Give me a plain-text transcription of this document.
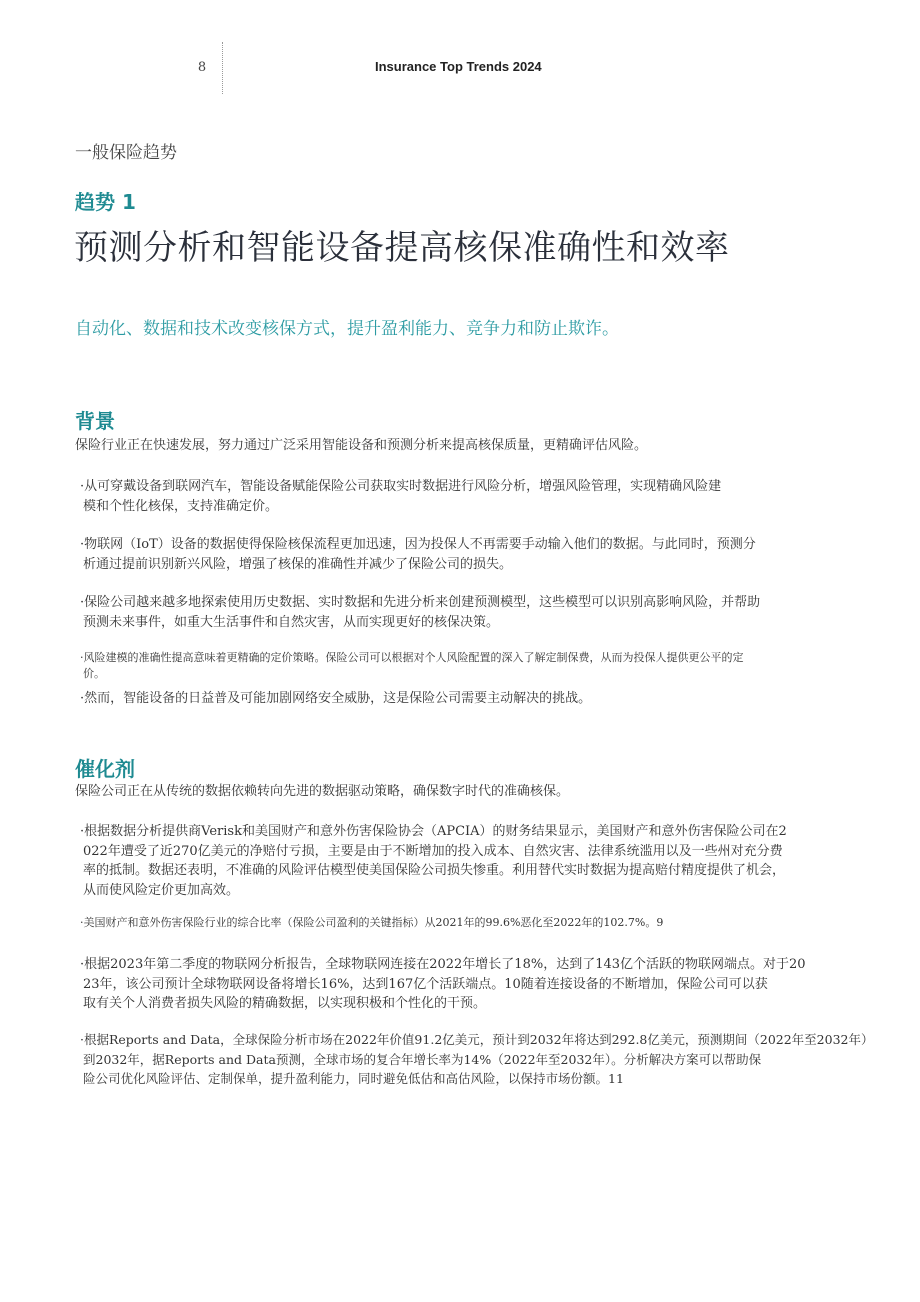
8	Insurance Top Trends 2024
一般保险趋势
趋势 1
预测分析和智能设备提高核保准确性和效率
自动化、数据和技术改变核保方式，提升盈利能力、竞争力和防止欺诈。
背景
保险行业正在快速发展，努力通过广泛采用智能设备和预测分析来提高核保质量，更精确评估风险。
·从可穿戴设备到联网汽车，智能设备赋能保险公司获取实时数据进行风险分析，增强风险管理，实现精确风险建
模和个性化核保，支持准确定价。
·物联网（IoT）设备的数据使得保险核保流程更加迅速，因为投保人不再需要手动输入他们的数据。与此同时，预测分
析通过提前识别新兴风险，增强了核保的准确性并减少了保险公司的损失。
·保险公司越来越多地探索使用历史数据、实时数据和先进分析来创建预测模型，这些模型可以识别高影响风险，并帮助
预测未来事件，如重大生活事件和自然灾害，从而实现更好的核保决策。
·风险建模的准确性提高意味着更精确的定价策略。保险公司可以根据对个人风险配置的深入了解定制保费，从而为投保人提供更公平的定
价。
·然而，智能设备的日益普及可能加剧网络安全威胁，这是保险公司需要主动解决的挑战。
催化剂
保险公司正在从传统的数据依赖转向先进的数据驱动策略，确保数字时代的准确核保。
·根据数据分析提供商Verisk和美国财产和意外伤害保险协会（APCIA）的财务结果显示，美国财产和意外伤害保险公司在2
022年遭受了近270亿美元的净赔付亏损，主要是由于不断增加的投入成本、自然灾害、法律系统滥用以及一些州对充分费
率的抵制。数据还表明，不准确的风险评估模型使美国保险公司损失惨重。利用替代实时数据为提高赔付精度提供了机会，
从而使风险定价更加高效。
·美国财产和意外伤害保险行业的综合比率（保险公司盈利的关键指标）从2021年的99.6%恶化至2022年的102.7%。9
·根据2023年第二季度的物联网分析报告，全球物联网连接在2022年增长了18%，达到了143亿个活跃的物联网端点。对于20
23年，该公司预计全球物联网设备将增长16%，达到167亿个活跃端点。10随着连接设备的不断增加，保险公司可以获
取有关个人消费者损失风险的精确数据，以实现积极和个性化的干预。
·根据Reports and Data，全球保险分析市场在2022年价值91.2亿美元，预计到2032年将达到292.8亿美元，预测期间（2022年至2032年）
到2032年，据Reports and Data预测，全球市场的复合年增长率为14%（2022年至2032年）。分析解决方案可以帮助保
险公司优化风险评估、定制保单，提升盈利能力，同时避免低估和高估风险，以保持市场份额。11
